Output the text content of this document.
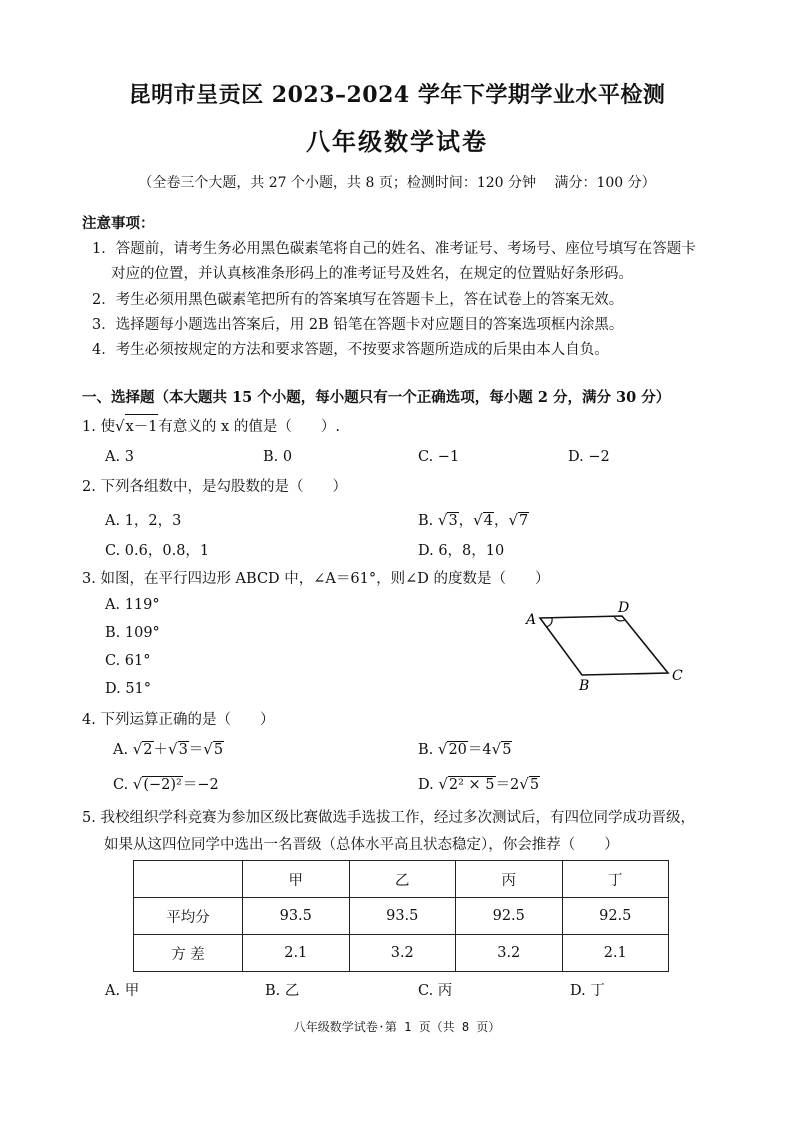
昆明市呈贡区 2023–2024 学年下学期学业水平检测
八年级数学试卷
（全卷三个大题，共 27 个小题，共 8 页；检测时间：120 分钟　 满分：100 分）
注意事项：
1．答题前，请考生务必用黑色碳素笔将自己的姓名、准考证号、考场号、座位号填写在答题卡
对应的位置，并认真核准条形码上的准考证号及姓名，在规定的位置贴好条形码。
2．考生必须用黑色碳素笔把所有的答案填写在答题卡上，答在试卷上的答案无效。
3．选择题每小题选出答案后，用 2B 铅笔在答题卡对应题目的答案选项框内涂黑。
4．考生必须按规定的方法和要求答题，不按要求答题所造成的后果由本人自负。
一、选择题（本大题共 15 个小题，每小题只有一个正确选项，每小题 2 分，满分 30 分）
1. 使√x－1有意义的 x 的值是（　　）.
A. 3	B. 0	C. −1	D. −2
2. 下列各组数中，是勾股数的是（　　）
A. 1，2，3	B. √3，√4，√7
C. 0.6，0.8，1	D. 6，8，10
3. 如图，在平行四边形 ABCD 中，∠A＝61°，则∠D 的度数是（　　）
A. 119°
B. 109°
C. 61°
D. 51°
A
D
C
B
4. 下列运算正确的是（　　）
A. √2＋√3＝√5	B. √20＝4√5
C. √(−2)²＝−2	D. √2² × 5＝2√5
5. 我校组织学科竞赛为参加区级比赛做选手选拔工作，经过多次测试后，有四位同学成功晋级，
如果从这四位同学中选出一名晋级（总体水平高且状态稳定），你会推荐（　　）
	甲	乙	丙	丁
平均分	93.5	93.5	92.5	92.5
方 差	2.1	3.2	3.2	2.1
A. 甲	B. 乙	C. 丙	D. 丁
八年级数学试卷·第 1 页（共 8 页）
